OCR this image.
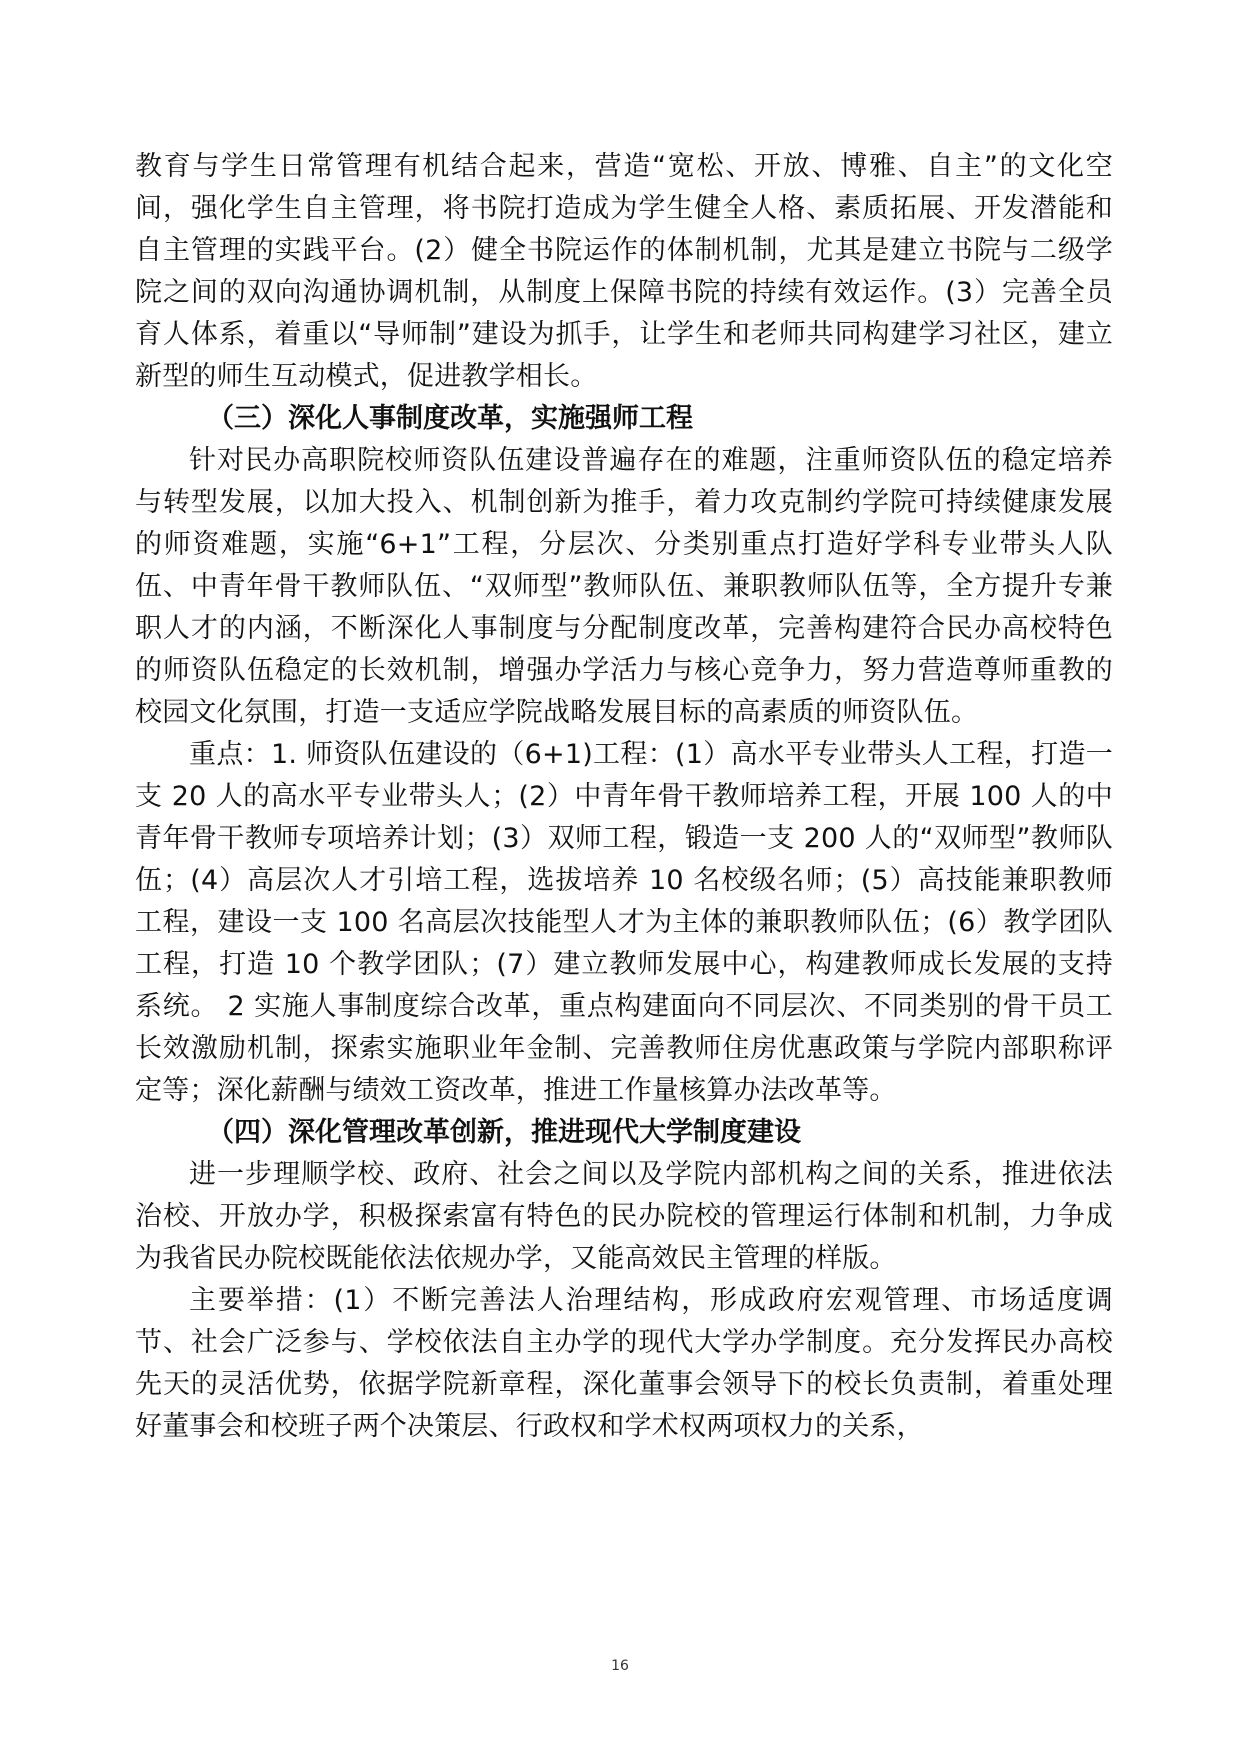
教育与学生日常管理有机结合起来，营造“宽松、开放、博雅、自主”的文化空间，强化学生自主管理，将书院打造成为学生健全人格、素质拓展、开发潜能和自主管理的实践平台。(2）健全书院运作的体制机制，尤其是建立书院与二级学院之间的双向沟通协调机制，从制度上保障书院的持续有效运作。(3）完善全员育人体系，着重以“导师制”建设为抓手，让学生和老师共同构建学习社区，建立新型的师生互动模式，促进教学相长。

（三）深化人事制度改革，实施强师工程

针对民办高职院校师资队伍建设普遍存在的难题，注重师资队伍的稳定培养与转型发展，以加大投入、机制创新为推手，着力攻克制约学院可持续健康发展的师资难题，实施“6+1”工程，分层次、分类别重点打造好学科专业带头人队伍、中青年骨干教师队伍、“双师型”教师队伍、兼职教师队伍等，全方提升专兼职人才的内涵，不断深化人事制度与分配制度改革，完善构建符合民办高校特色的师资队伍稳定的长效机制，增强办学活力与核心竞争力，努力营造尊师重教的校园文化氛围，打造一支适应学院战略发展目标的高素质的师资队伍。

重点：1. 师资队伍建设的（6+1)工程：(1）高水平专业带头人工程，打造一支 20 人的高水平专业带头人；(2）中青年骨干教师培养工程，开展 100 人的中青年骨干教师专项培养计划；(3）双师工程，锻造一支 200 人的“双师型”教师队伍；(4）高层次人才引培工程，选拔培养 10 名校级名师；(5）高技能兼职教师工程，建设一支 100 名高层次技能型人才为主体的兼职教师队伍；(6）教学团队工程，打造 10 个教学团队；(7）建立教师发展中心，构建教师成长发展的支持系统。 2 实施人事制度综合改革，重点构建面向不同层次、不同类别的骨干员工长效激励机制，探索实施职业年金制、完善教师住房优惠政策与学院内部职称评定等；深化薪酬与绩效工资改革，推进工作量核算办法改革等。

（四）深化管理改革创新，推进现代大学制度建设

进一步理顺学校、政府、社会之间以及学院内部机构之间的关系，推进依法治校、开放办学，积极探索富有特色的民办院校的管理运行体制和机制，力争成为我省民办院校既能依法依规办学，又能高效民主管理的样版。

主要举措：(1）不断完善法人治理结构，形成政府宏观管理、市场适度调节、社会广泛参与、学校依法自主办学的现代大学办学制度。充分发挥民办高校先天的灵活优势，依据学院新章程，深化董事会领导下的校长负责制，着重处理好董事会和校班子两个决策层、行政权和学术权两项权力的关系，

16
